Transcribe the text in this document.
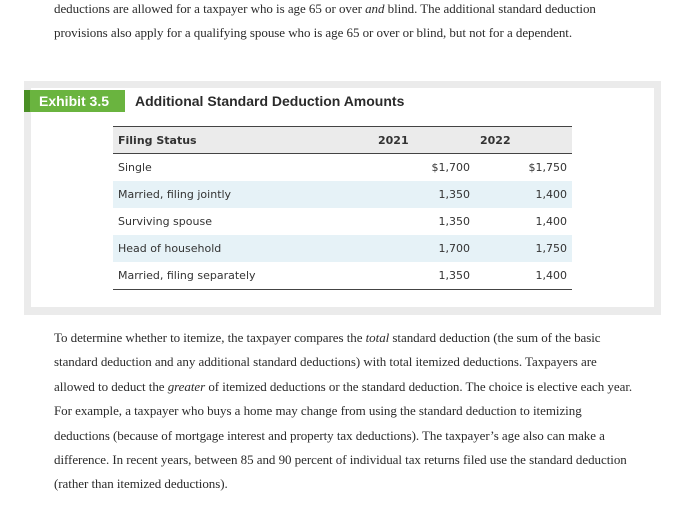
deductions are allowed for a taxpayer who is age 65 or over and blind. The additional standard deduction provisions also apply for a qualifying spouse who is age 65 or over or blind, but not for a dependent.
Exhibit 3.5	Additional Standard Deduction Amounts
Filing Status	2021	2022
Single	$1,700	$1,750
Married, filing jointly	1,350	1,400
Surviving spouse	1,350	1,400
Head of household	1,700	1,750
Married, filing separately	1,350	1,400
To determine whether to itemize, the taxpayer compares the total standard deduction (the sum of the basic standard deduction and any additional standard deductions) with total itemized deductions. Taxpayers are allowed to deduct the greater of itemized deductions or the standard deduction. The choice is elective each year. For example, a taxpayer who buys a home may change from using the standard deduction to itemizing deductions (because of mortgage interest and property tax deductions). The taxpayer’s age also can make a difference. In recent years, between 85 and 90 percent of individual tax returns filed use the standard deduction (rather than itemized deductions).
